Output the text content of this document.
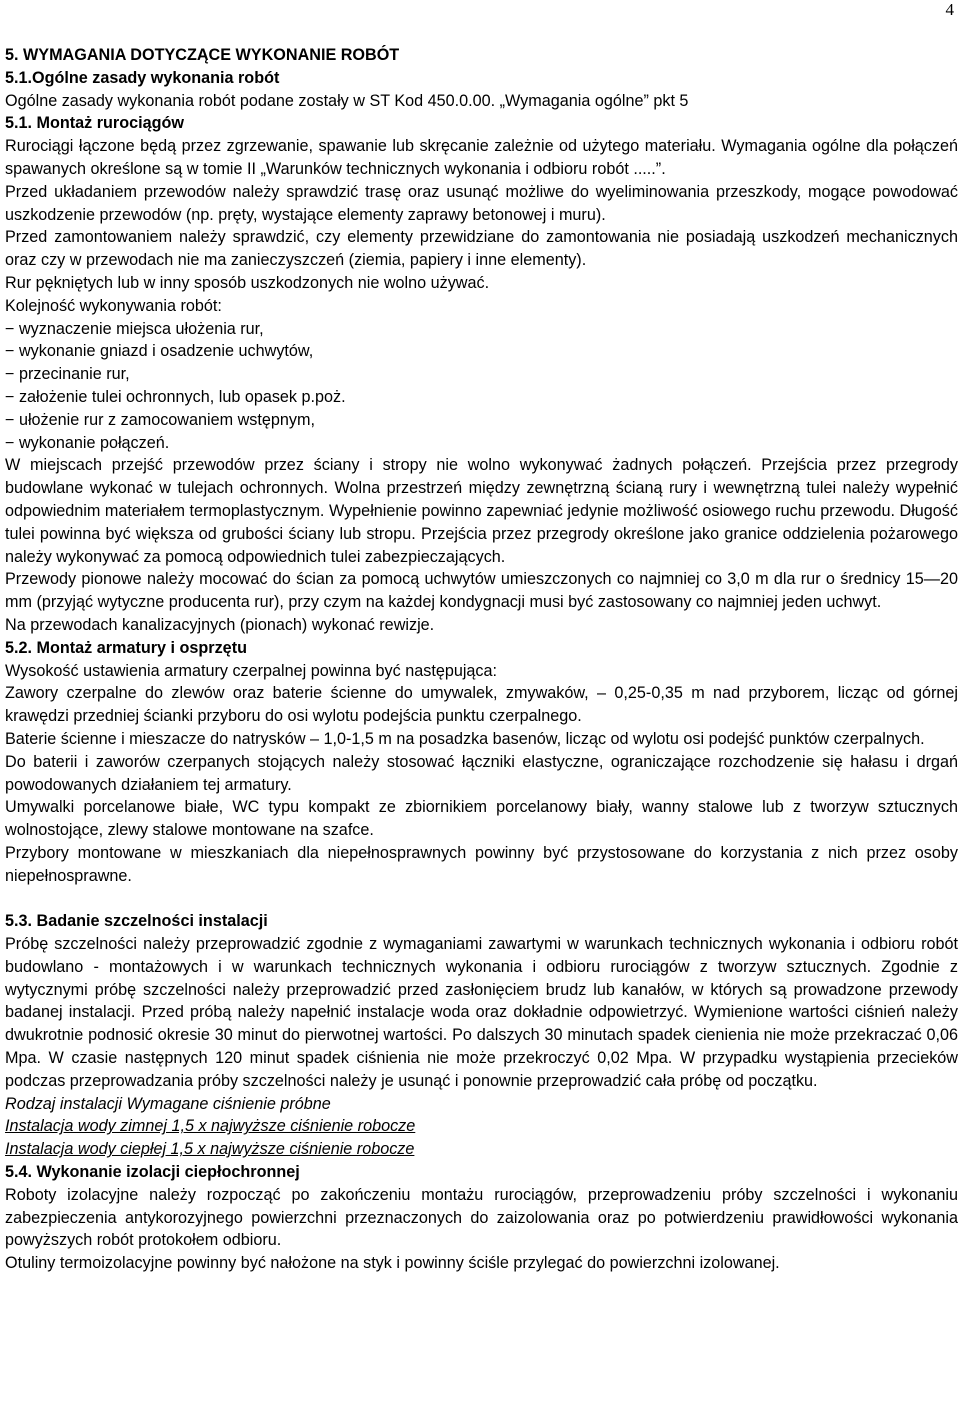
4
5. WYMAGANIA DOTYCZĄCE WYKONANIE ROBÓT
5.1.Ogólne zasady wykonania robót

Ogólne zasady wykonania robót podane zostały w ST Kod 450.0.00. „Wymagania ogólne” pkt 5

5.1. Montaż rurociągów

Rurociągi łączone będą przez zgrzewanie, spawanie lub skręcanie zależnie od użytego materiału. Wymagania ogólne dla połączeń spawanych określone są w tomie II „Warunków technicznych wykonania i odbioru robót .....”.

Przed układaniem przewodów należy sprawdzić trasę oraz usunąć możliwe do wyeliminowania przeszkody, mogące powodować uszkodzenie przewodów (np. pręty, wystające elementy zaprawy betonowej i muru).

Przed zamontowaniem należy sprawdzić, czy elementy przewidziane do zamontowania nie posiadają uszkodzeń mechanicznych oraz czy w przewodach nie ma zanieczyszczeń (ziemia, papiery i inne elementy).

Rur pękniętych lub w inny sposób uszkodzonych nie wolno używać.

Kolejność wykonywania robót:

− wyznaczenie miejsca ułożenia rur,
− wykonanie gniazd i osadzenie uchwytów,
− przecinanie rur,
− założenie tulei ochronnych, lub opasek p.poż.
− ułożenie rur z zamocowaniem wstępnym,
− wykonanie połączeń.

W miejscach przejść przewodów przez ściany i stropy nie wolno wykonywać żadnych połączeń. Przejścia przez przegrody budowlane wykonać w tulejach ochronnych. Wolna przestrzeń między zewnętrzną ścianą rury i wewnętrzną tulei należy wypełnić odpowiednim materiałem termoplastycznym. Wypełnienie powinno zapewniać jedynie możliwość osiowego ruchu przewodu. Długość tulei powinna być większa od grubości ściany lub stropu. Przejścia przez przegrody określone jako granice oddzielenia pożarowego należy wykonywać za pomocą odpowiednich tulei zabezpieczających.

Przewody pionowe należy mocować do ścian za pomocą uchwytów umieszczonych co najmniej co 3,0 m dla rur o średnicy 15—20 mm (przyjąć wytyczne producenta rur), przy czym na każdej kondygnacji musi być zastosowany co najmniej jeden uchwyt.

Na przewodach kanalizacyjnych (pionach) wykonać rewizje.

5.2. Montaż armatury i osprzętu

Wysokość ustawienia armatury czerpalnej powinna być następująca:

Zawory czerpalne do zlewów oraz baterie ścienne do umywalek, zmywaków, – 0,25-0,35 m nad przyborem, licząc od górnej krawędzi przedniej ścianki przyboru do osi wylotu podejścia punktu czerpalnego.

Baterie ścienne i mieszacze do natrysków – 1,0-1,5 m na posadzka basenów, licząc od wylotu osi podejść punktów czerpalnych.

Do baterii i zaworów czerpanych stojących należy stosować łączniki elastyczne, ograniczające rozchodzenie się hałasu i drgań powodowanych działaniem tej armatury.

Umywalki porcelanowe białe, WC typu kompakt ze zbiornikiem porcelanowy biały, wanny stalowe lub z tworzyw sztucznych wolnostojące, zlewy stalowe montowane na szafce.

Przybory montowane w mieszkaniach dla niepełnosprawnych powinny być przystosowane do korzystania z nich przez osoby niepełnosprawne.

5.3. Badanie szczelności instalacji

Próbę szczelności należy przeprowadzić zgodnie z wymaganiami zawartymi w warunkach technicznych wykonania i odbioru robót budowlano - montażowych i w warunkach technicznych wykonania i odbioru rurociągów z tworzyw sztucznych. Zgodnie z wytycznymi próbę szczelności należy przeprowadzić przed zasłonięciem brudz lub kanałów, w których są prowadzone przewody badanej instalacji. Przed próbą należy napełnić instalacje woda oraz dokładnie odpowietrzyć. Wymienione wartości ciśnień należy dwukrotnie podnosić okresie 30 minut do pierwotnej wartości. Po dalszych 30 minutach spadek cienienia nie może przekraczać 0,06 Mpa. W czasie następnych 120 minut spadek ciśnienia nie może przekroczyć 0,02 Mpa. W przypadku wystąpienia przecieków podczas przeprowadzania próby szczelności należy je usunąć i ponownie przeprowadzić cała próbę od początku.

Rodzaj instalacji Wymagane ciśnienie próbne

Instalacja wody zimnej 1,5 x najwyższe ciśnienie robocze

Instalacja wody ciepłej 1,5 x najwyższe ciśnienie robocze

5.4. Wykonanie izolacji ciepłochronnej

Roboty izolacyjne należy rozpocząć po zakończeniu montażu rurociągów, przeprowadzeniu próby szczelności i wykonaniu zabezpieczenia antykorozyjnego powierzchni przeznaczonych do zaizolowania oraz po potwierdzeniu prawidłowości wykonania powyższych robót protokołem odbioru.

Otuliny termoizolacyjne powinny być nałożone na styk i powinny ściśle przylegać do powierzchni izolowanej.
